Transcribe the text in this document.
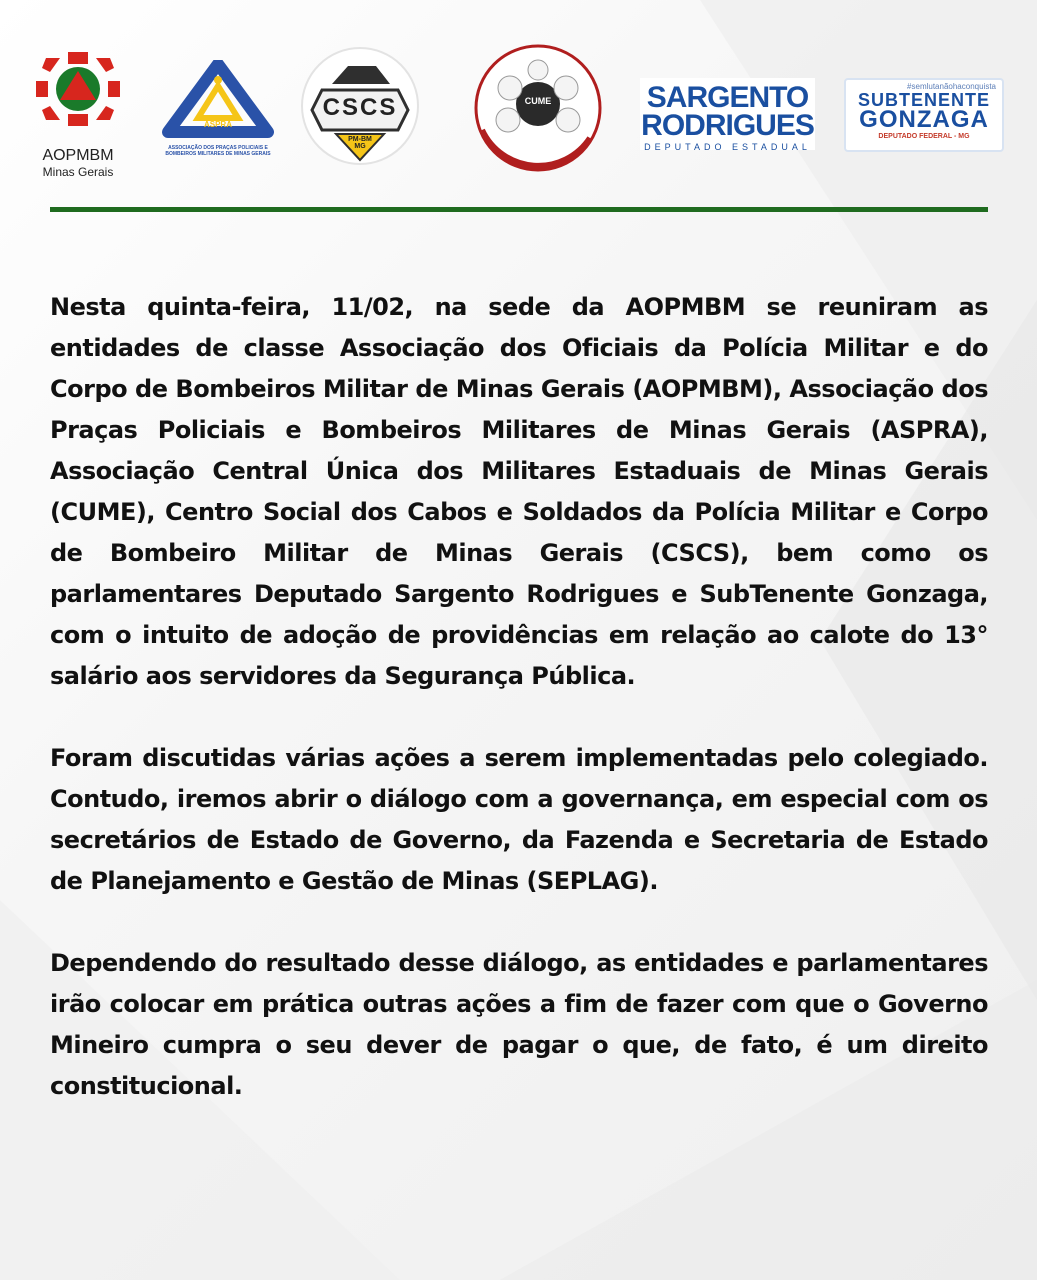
AOPMBM
Minas Gerais
ASPRA
ASSOCIAÇÃO DOS PRAÇAS POLICIAIS E BOMBEIROS MILITARES DE MINAS GERAIS
CSCS
PM-BM MG
CUME	SARGENTO
RODRIGUES
DEPUTADO ESTADUAL
#semlutanãohaconquista
SUBTENENTE
GONZAGA
DEPUTADO FEDERAL - MG

Nesta quinta-feira, 11/02, na sede da AOPMBM se reuniram as entidades de classe Associação dos Oficiais da Polícia Militar e do Corpo de Bombeiros Militar de Minas Gerais (AOPMBM), Associação dos Praças Policiais e Bombeiros Militares de Minas Gerais (ASPRA), Associação Central Única dos Militares Estaduais de Minas Gerais (CUME), Centro Social dos Cabos e Soldados da Polícia Militar e Corpo de Bombeiro Militar de Minas Gerais (CSCS), bem como os parlamentares Deputado Sargento Rodrigues e SubTenente Gonzaga, com o intuito de adoção de providências em relação ao calote do 13° salário aos servidores da Segurança Pública.

Foram discutidas várias ações a serem implementadas pelo colegiado. Contudo, iremos abrir o diálogo com a governança, em especial com os secretários de Estado de Governo, da Fazenda e Secretaria de Estado de Planejamento e Gestão de Minas (SEPLAG).

Dependendo do resultado desse diálogo, as entidades e parlamentares irão colocar em prática outras ações a fim de fazer com que o Governo Mineiro cumpra o seu dever de pagar o que, de fato, é um direito constitucional.
